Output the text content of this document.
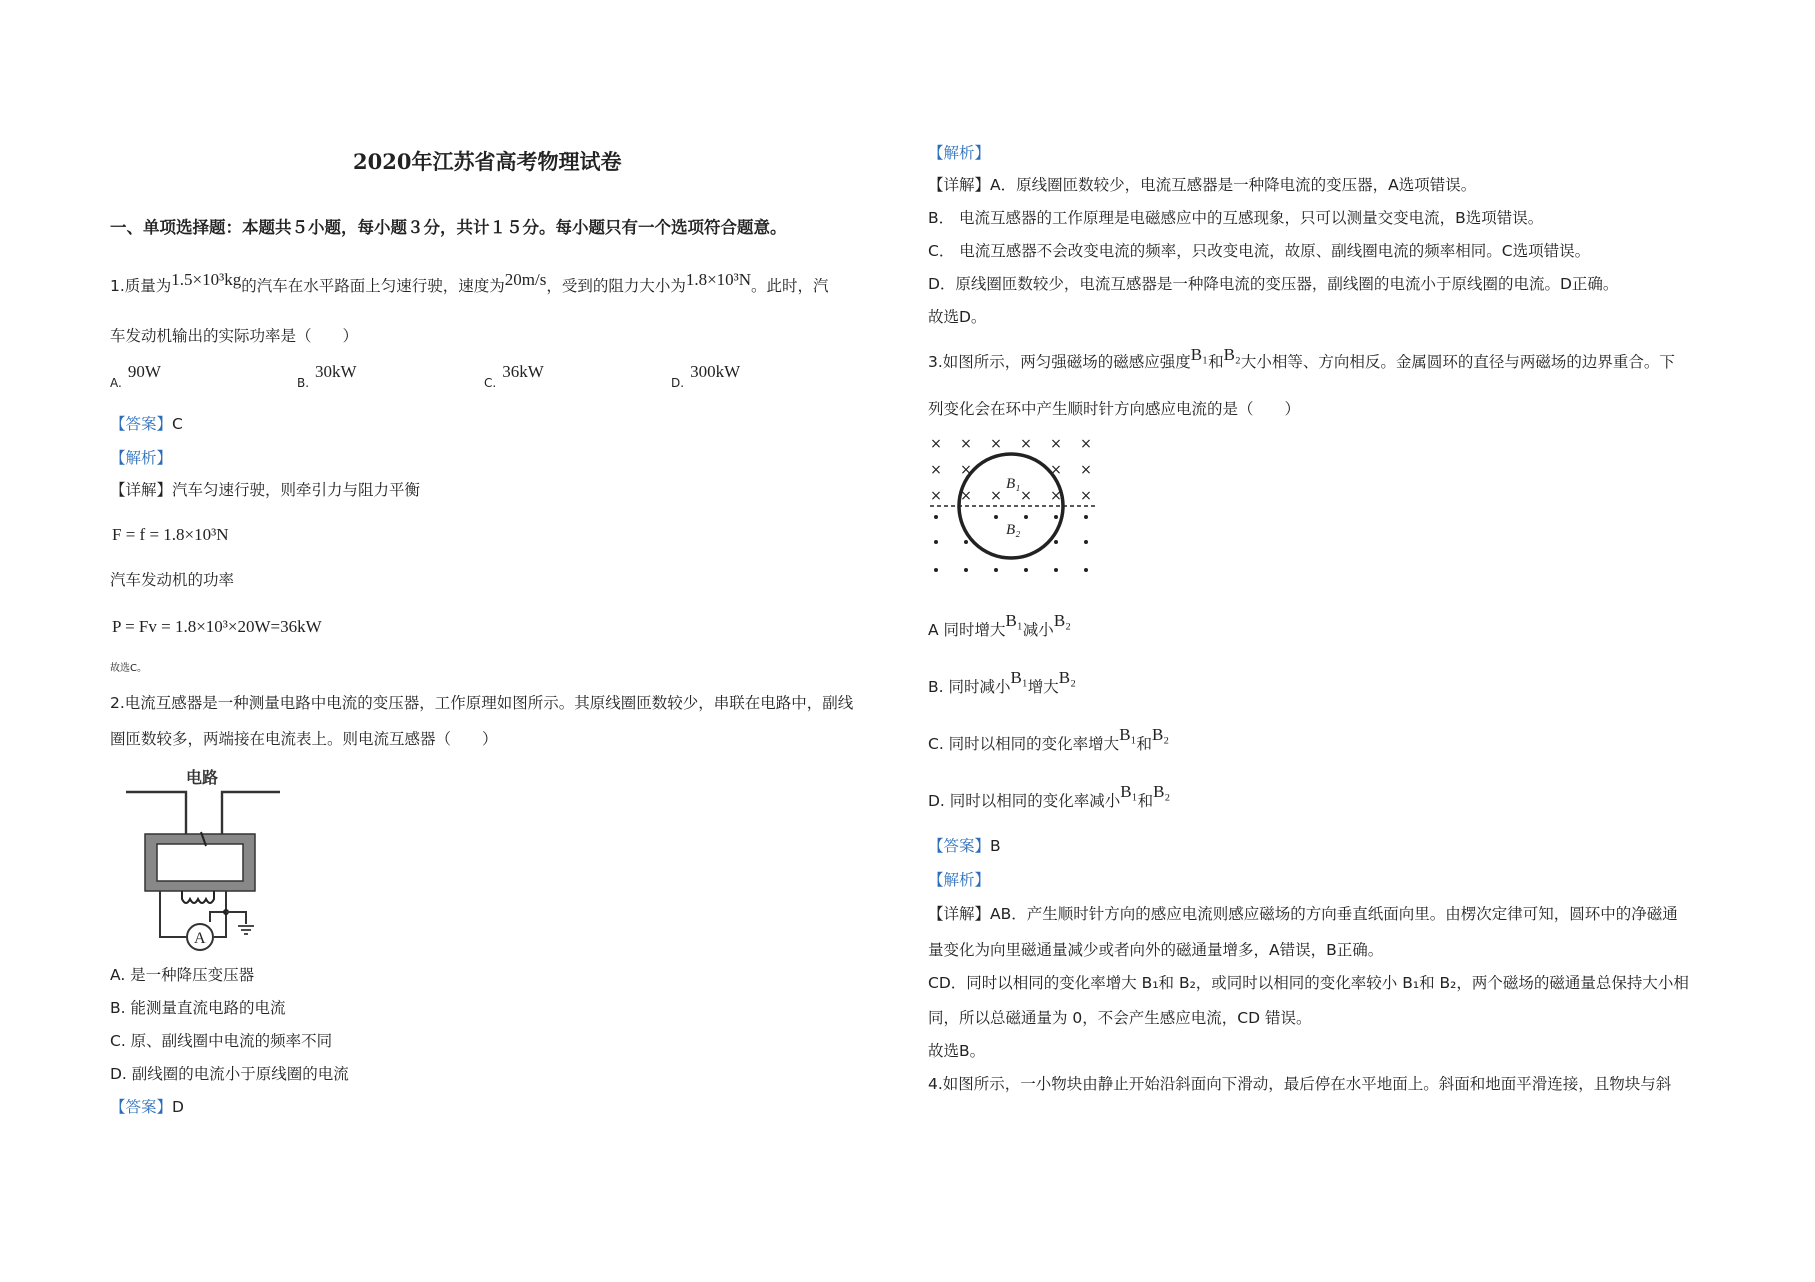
2020年江苏省高考物理试卷
一、单项选择题：本题共５小题，每小题３分，共计１５分。每小题只有一个选项符合题意。
1.质量为1.5×10³kg的汽车在水平路面上匀速行驶，速度为20m/s，受到的阻力大小为1.8×10³N。此时，汽
车发动机输出的实际功率是（　　）
A.90W
B.30kW
C.36kW
D.300kW
【答案】C
【解析】
【详解】汽车匀速行驶，则牵引力与阻力平衡
F = f = 1.8×10³N
汽车发动机的功率
P = Fv = 1.8×10³×20W=36kW
故选C。
2.电流互感器是一种测量电路中电流的变压器，工作原理如图所示。其原线圈匝数较少，串联在电路中，副线
圈匝数较多，两端接在电流表上。则电流互感器（　　）
电路
A
A. 是一种降压变压器
B. 能测量直流电路的电流
C. 原、副线圈中电流的频率不同
D. 副线圈的电流小于原线圈的电流
【答案】D
【解析】
【详解】A．原线圈匝数较少，电流互感器是一种降电流的变压器，A选项错误。
B． 电流互感器的工作原理是电磁感应中的互感现象，只可以测量交变电流，B选项错误。
C． 电流互感器不会改变电流的频率，只改变电流，故原、副线圈电流的频率相同。C选项错误。
D．原线圈匝数较少，电流互感器是一种降电流的变压器，副线圈的电流小于原线圈的电流。D正确。
故选D。
3.如图所示，两匀强磁场的磁感应强度B₁和B₂大小相等、方向相反。金属圆环的直径与两磁场的边界重合。下
列变化会在环中产生顺时针方向感应电流的是（　　）
× × × × × ×
× ×	× ×
× × × × × ×
B₁
B₂
A 同时增大B₁减小B₂
B. 同时减小B₁增大B₂
C. 同时以相同的变化率增大B₁和B₂
D. 同时以相同的变化率减小B₁和B₂
【答案】B
【解析】
【详解】AB．产生顺时针方向的感应电流则感应磁场的方向垂直纸面向里。由楞次定律可知，圆环中的净磁通
量变化为向里磁通量减少或者向外的磁通量增多，A错误，B正确。
CD．同时以相同的变化率增大 B₁和 B₂，或同时以相同的变化率较小 B₁和 B₂，两个磁场的磁通量总保持大小相
同，所以总磁通量为 0，不会产生感应电流，CD 错误。
故选B。
4.如图所示，一小物块由静止开始沿斜面向下滑动，最后停在水平地面上。斜面和地面平滑连接，且物块与斜
